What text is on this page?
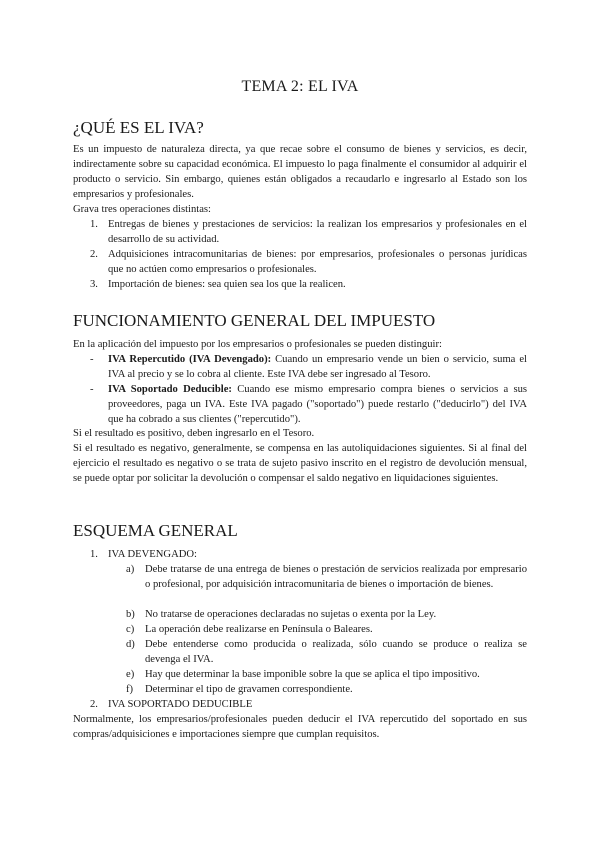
TEMA 2: EL IVA
¿QUÉ ES EL IVA?

Es un impuesto de naturaleza directa, ya que recae sobre el consumo de bienes y servicios, es decir, indirectamente sobre su capacidad económica. El impuesto lo paga finalmente el consumidor al adquirir el producto o servicio. Sin embargo, quienes están obligados a recaudarlo e ingresarlo al Estado son los empresarios y profesionales.

Grava tres operaciones distintas:

1. Entregas de bienes y prestaciones de servicios: la realizan los empresarios y profesionales en el desarrollo de su actividad.

2. Adquisiciones intracomunitarias de bienes: por empresarios, profesionales o personas jurídicas que no actúen como empresarios o profesionales.

3. Importación de bienes: sea quien sea los que la realicen.

FUNCIONAMIENTO GENERAL DEL IMPUESTO

En la aplicación del impuesto por los empresarios o profesionales se pueden distinguir:

- IVA Repercutido (IVA Devengado): Cuando un empresario vende un bien o servicio, suma el IVA al precio y se lo cobra al cliente. Este IVA debe ser ingresado al Tesoro.

- IVA Soportado Deducible: Cuando ese mismo empresario compra bienes o servicios a sus proveedores, paga un IVA. Este IVA pagado ("soportado") puede restarlo ("deducirlo") del IVA que ha cobrado a sus clientes ("repercutido").

Si el resultado es positivo, deben ingresarlo en el Tesoro.

Si el resultado es negativo, generalmente, se compensa en las autoliquidaciones siguientes. Si al final del ejercicio el resultado es negativo o se trata de sujeto pasivo inscrito en el registro de devolución mensual, se puede optar por solicitar la devolución o compensar el saldo negativo en liquidaciones siguientes.

ESQUEMA GENERAL
1. IVA DEVENGADO:
a) Debe tratarse de una entrega de bienes o prestación de servicios realizada por empresario o profesional, por adquisición intracomunitaria de bienes o importación de bienes.

b) No tratarse de operaciones declaradas no sujetas o exenta por la Ley.

c) La operación debe realizarse en Península o Baleares.

d) Debe entenderse como producida o realizada, sólo cuando se produce o realiza se devenga el IVA.

e) Hay que determinar la base imponible sobre la que se aplica el tipo impositivo.

f) Determinar el tipo de gravamen correspondiente.

2. IVA SOPORTADO DEDUCIBLE

Normalmente, los empresarios/profesionales pueden deducir el IVA repercutido del soportado en sus compras/adquisiciones e importaciones siempre que cumplan requisitos.
